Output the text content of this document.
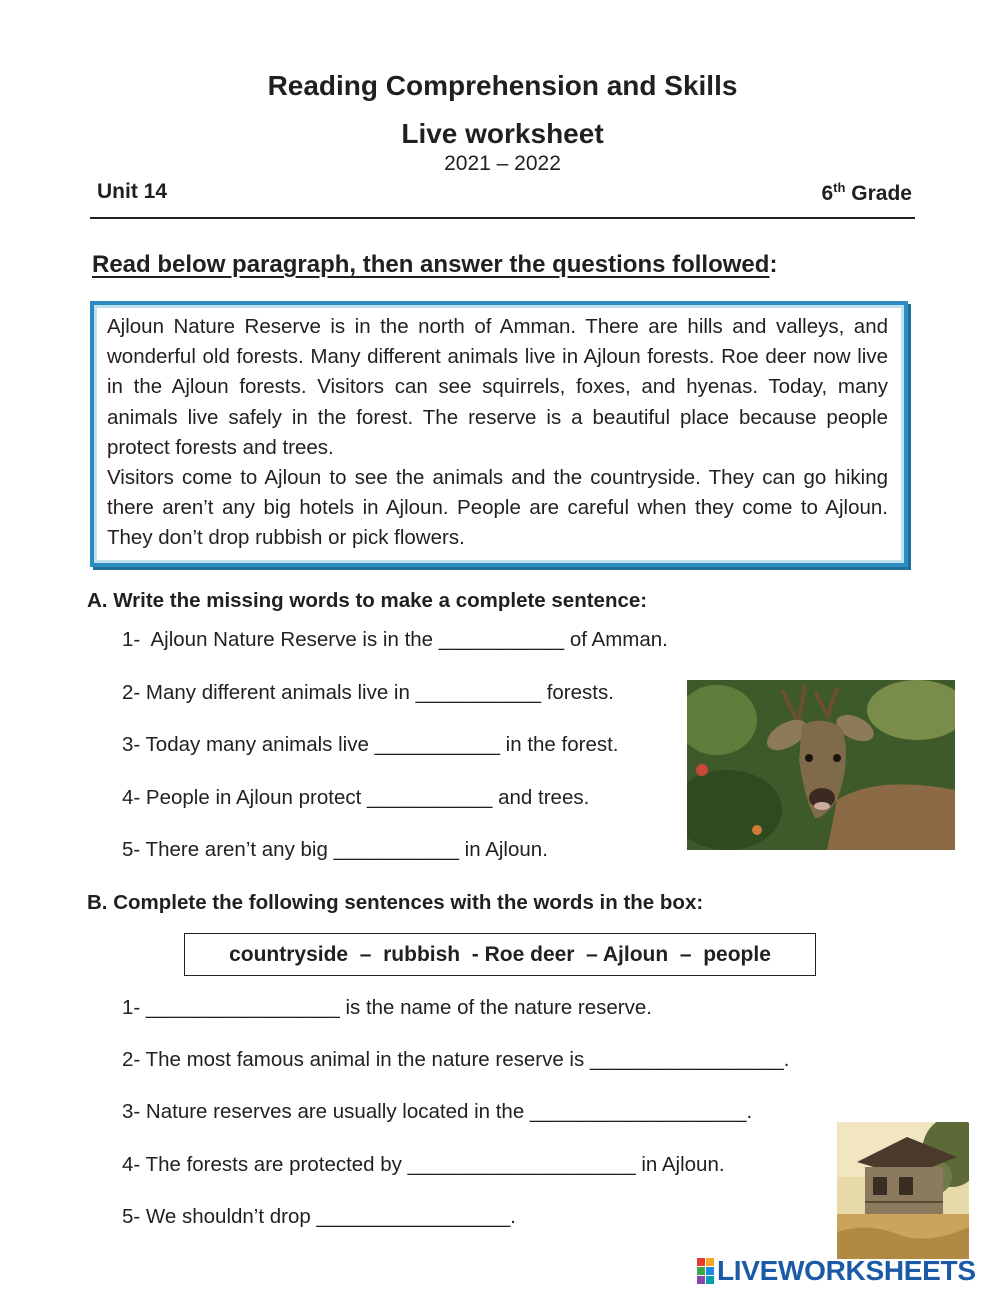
Reading Comprehension and Skills
Live worksheet
2021 – 2022
Unit 14	6th Grade
Read below paragraph, then answer the questions followed:

Ajloun Nature Reserve is in the north of Amman. There are hills and valleys, and wonderful old forests. Many different animals live in Ajloun forests. Roe deer now live in the Ajloun forests. Visitors can see squirrels, foxes, and hyenas. Today, many animals live safely in the forest. The reserve is a beautiful place because people protect forests and trees.

Visitors come to Ajloun to see the animals and the countryside. They can go hiking there aren’t any big hotels in Ajloun. People are careful when they come to Ajloun. They don’t drop rubbish or pick flowers.

A. Write the missing words to make a complete sentence:
1-  Ajloun Nature Reserve is in the ___________ of Amman.
2- Many different animals live in ___________ forests.
3- Today many animals live ___________ in the forest.
4- People in Ajloun protect ___________ and trees.
5- There aren’t any big ___________ in Ajloun.
B. Complete the following sentences with the words in the box:
countryside  –  rubbish  - Roe deer  – Ajloun  –  people
1- _________________ is the name of the nature reserve.
2- The most famous animal in the nature reserve is _________________.
3- Nature reserves are usually located in the ___________________.
4- The forests are protected by ____________________ in Ajloun.
5- We shouldn’t drop _________________.
LIVEWORKSHEETS
